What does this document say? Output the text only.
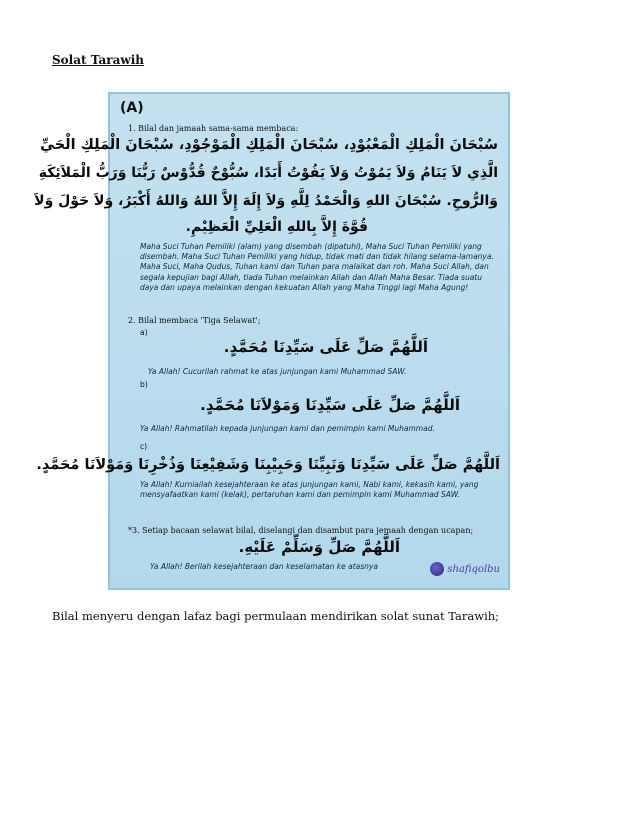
Solat Tarawih
(A)
1. Bilal dan jamaah sama-sama membaca:
سُبْحَانَ الْمَلِكِ الْمَعْبُوْدِ، سُبْحَانَ الْمَلِكِ الْمَوْجُوْدِ، سُبْحَانَ الْمَلِكِ الْحَيِّ
الَّذِي لاَ يَنَامُ وَلاَ يَمُوْتُ وَلاَ يَفُوْتُ أَبَدًا، سُبُّوْحٌ قُدُّوْسٌ رَبُّنَا وَرَبُّ الْمَلاَئِكَةِ
وَالرُّوحِ. سُبْحَانَ اللهِ وَالْحَمْدُ لِلَّهِ وَلاَ إِلَهَ إِلاَّ اللهُ وَاللهُ أَكْبَرُ، وَلاَ حَوْلَ وَلاَ
قُوَّةَ إِلاَّ بِاللهِ الْعَلِيِّ الْعَظِيْمِ.
Maha Suci Tuhan Pemiliki (alam) yang disembah (dipatuhi), Maha Suci Tuhan Pemiliki yang disembah. Maha Suci Tuhan Pemiliki yang hidup, tidak mati dan tidak hilang selama-lamanya. Maha Suci, Maha Qudus, Tuhan kami dan Tuhan para malaikat dan roh. Maha Suci Allah, dan segala kepujian bagi Allah, tiada Tuhan melainkan Allah dan Allah Maha Besar. Tiada suatu daya dan upaya melainkan dengan kekuatan Allah yang Maha Tinggi lagi Maha Agung!
2. Bilal membaca 'Tiga Selawat';
a)
اَللَّهُمَّ صَلِّ عَلَى سَيِّدِنَا مُحَمَّدٍ.
Ya Allah! Cucurilah rahmat ke atas junjungan kami Muhammad SAW.
b)
اَللَّهُمَّ صَلِّ عَلَى سَيِّدِنَا وَمَوْلاَنَا مُحَمَّدٍ.
Ya Allah! Rahmatilah kepada junjungan kami dan pemimpin kami Muhammad.
c)
اَللَّهُمَّ صَلِّ عَلَى سَيِّدِنَا وَنَبِيِّنَا وَحَبِيْبِنَا وَشَفِيْعِنَا وَذُخْرِنَا وَمَوْلاَنَا مُحَمَّدٍ.
Ya Allah! Kurniailah kesejahteraan ke atas junjungan kami, Nabi kami, kekasih kami, yang mensyafaatkan kami (kelak), pertaruhan kami dan pemimpin kami Muhammad SAW.
*3. Setiap bacaan selawat bilal, diselangi dan disambut para jemaah dengan ucapan;
اَللَّهُمَّ صَلِّ وَسَلِّمْ عَلَيْهِ.
Ya Allah! Berilah kesejahteraan dan keselamatan ke atasnya	shafiqolbu
Bilal menyeru dengan lafaz bagi permulaan mendirikan solat sunat Tarawih;
